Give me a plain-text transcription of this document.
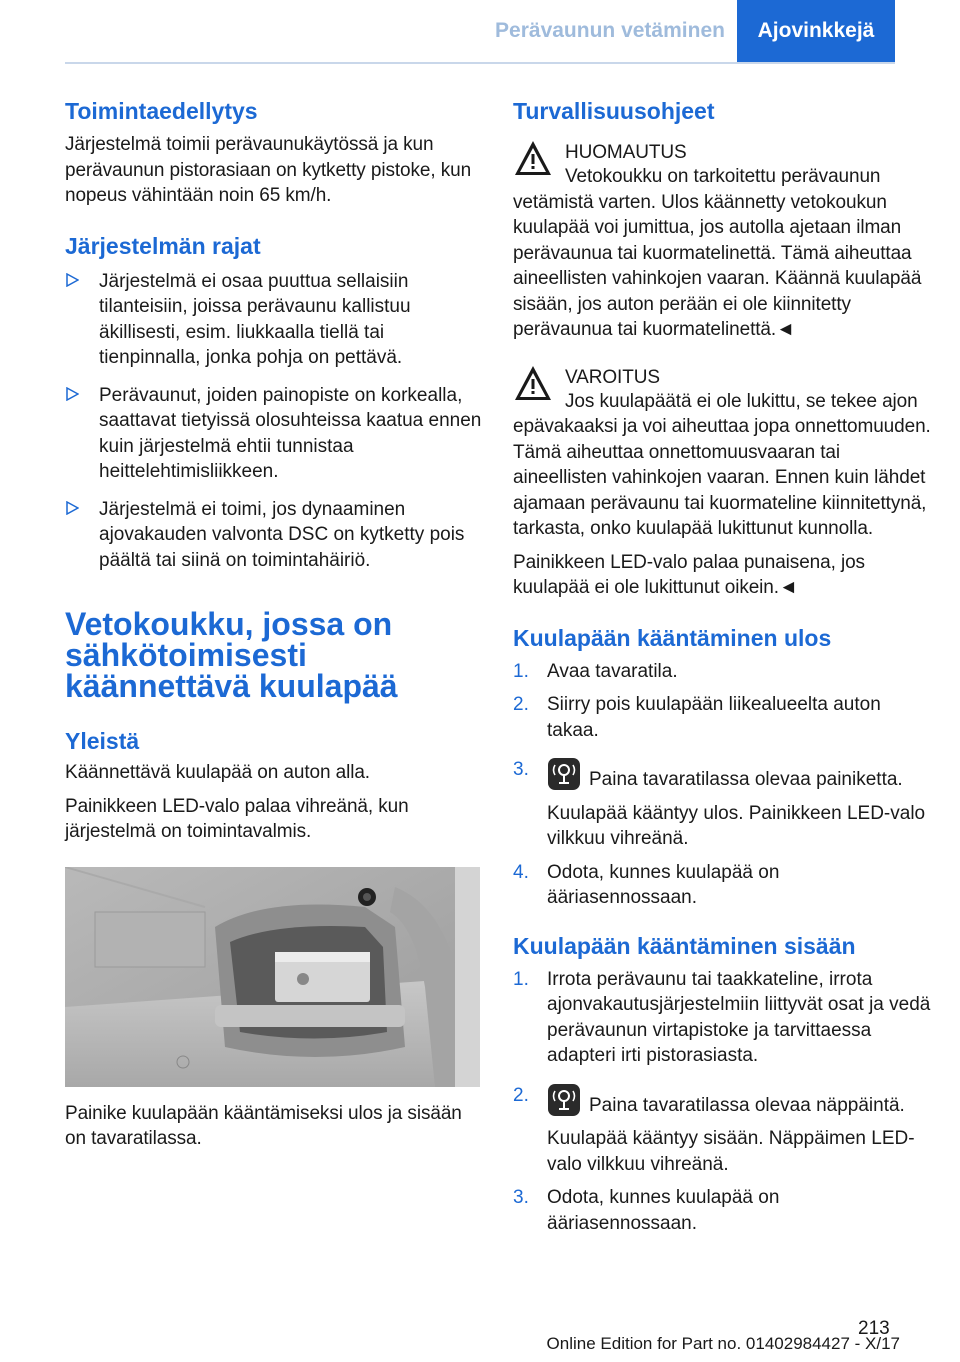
Perävaunun vetäminen	Ajovinkkejä
Toimintaedellytys

Järjestelmä toimii perävaunukäytössä ja kun perävaunun pistorasiaan on kytketty pistoke, kun nopeus vähintään noin 65 km/h.

Järjestelmän rajat
Järjestelmä ei osaa puuttua sellaisiin tilanteisiin, joissa perävaunu kallistuu äkillisesti, esim. liukkaalla tiellä tai tienpinnalla, jonka pohja on pettävä.
Perävaunut, joiden painopiste on korkealla, saattavat tietyissä olosuhteissa kaatua ennen kuin järjestelmä ehtii tunnistaa heittelehtimisliikkeen.
Järjestelmä ei toimi, jos dynaaminen ajovakauden valvonta DSC on kytketty pois päältä tai siinä on toimintahäiriö.
Vetokoukku, jossa on sähkötoimisesti käännettävä kuulapää
Yleistä

Käännettävä kuulapää on auton alla.

Painikkeen LED-valo palaa vihreänä, kun järjestelmä on toimintavalmis.

Painike kuulapään kääntämiseksi ulos ja sisään on tavaratilassa.

Turvallisuusohjeet
HUOMAUTUS

Vetokoukku on tarkoitettu perävaunun vetämistä varten. Ulos käännetty vetokoukun kuulapää voi jumittua, jos autolla ajetaan ilman perävaunua tai kuormatelinettä. Tämä aiheuttaa aineellisten vahinkojen vaaran. Käännä kuulapää sisään, jos auton perään ei ole kiinnitetty perävaunua tai kuormatelinettä.◄

VAROITUS

Jos kuulapäätä ei ole lukittu, se tekee ajon epävakaaksi ja voi aiheuttaa jopa onnettomuuden. Tämä aiheuttaa onnettomuusvaaran tai aineellisten vahinkojen vaaran. Ennen kuin lähdet ajamaan perävaunu tai kuormateline kiinnitettynä, tarkasta, onko kuulapää lukittunut kunnolla.

Painikkeen LED-valo palaa punaisena, jos kuulapää ei ole lukittunut oikein.◄

Kuulapään kääntäminen ulos
1. Avaa tavaratila.
2. Siirry pois kuulapään liikealueelta auton takaa.
3.	Paina tavaratilassa olevaa painiketta.
Kuulapää kääntyy ulos. Painikkeen LED-valo vilkkuu vihreänä.
4. Odota, kunnes kuulapää on ääriasennossaan.
Kuulapään kääntäminen sisään
1. Irrota perävaunu tai taakkateline, irrota ajonvakautusjärjestelmiin liittyvät osat ja vedä perävaunun virtapistoke ja tarvittaessa adapteri irti pistorasiasta.
2.	Paina tavaratilassa olevaa näppäintä.
Kuulapää kääntyy sisään. Näppäimen LED-valo vilkkuu vihreänä.
3. Odota, kunnes kuulapää on ääriasennossaan.
213
Online Edition for Part no. 01402984427 - X/17
